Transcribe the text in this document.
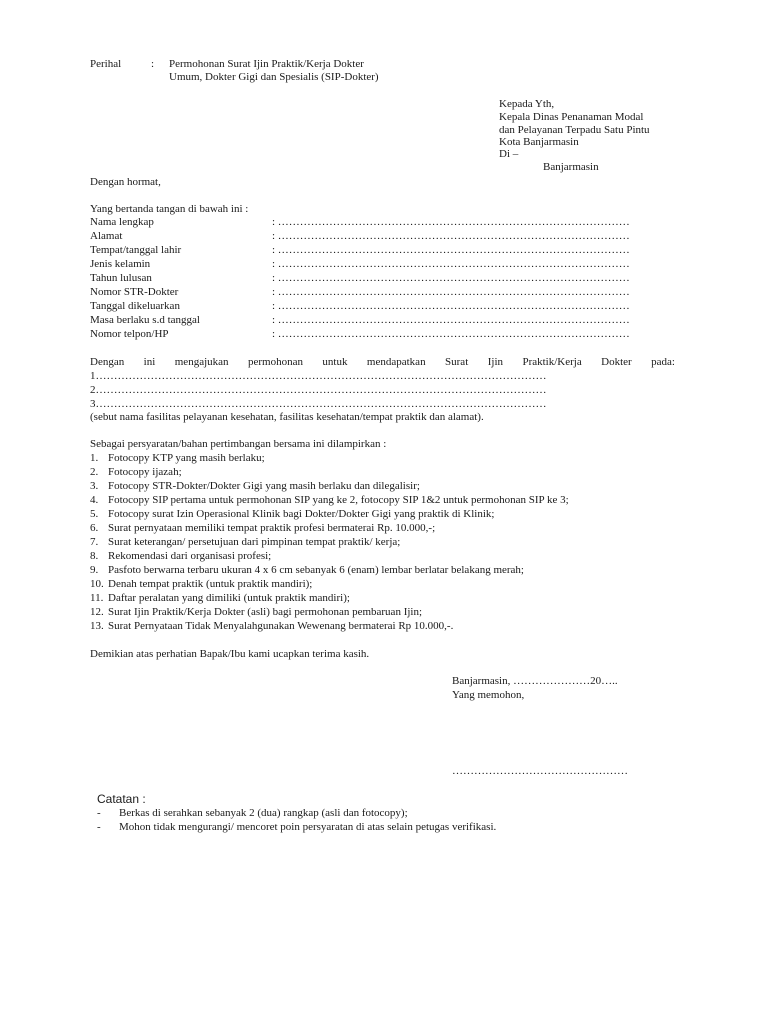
Perihal	: Permohonan Surat Ijin Praktik/Kerja Dokter
Umum, Dokter Gigi dan Spesialis (SIP-Dokter)
Kepada Yth,
Kepala Dinas Penanaman Modal
dan Pelayanan Terpadu Satu Pintu
Kota Banjarmasin
Di –
Banjarmasin
Dengan hormat,
Yang bertanda tangan di bawah ini :
Nama lengkap	: ……………………………………………………………………………………
Alamat	: ……………………………………………………………………………………
Tempat/tanggal lahir	: ……………………………………………………………………………………
Jenis kelamin	: ……………………………………………………………………………………
Tahun lulusan	: ……………………………………………………………………………………
Nomor STR-Dokter	: ……………………………………………………………………………………
Tanggal dikeluarkan	: ……………………………………………………………………………………
Masa berlaku s.d tanggal	: ……………………………………………………………………………………
Nomor telpon/HP	: ……………………………………………………………………………………
Dengan ini mengajukan permohonan untuk mendapatkan Surat Ijin Praktik/Kerja Dokter pada:
1……………………………………………………………………………………………………………
2……………………………………………………………………………………………………………
3……………………………………………………………………………………………………………
(sebut nama fasilitas pelayanan kesehatan, fasilitas kesehatan/tempat praktik dan alamat).
Sebagai persyaratan/bahan pertimbangan bersama ini dilampirkan :
1. Fotocopy KTP yang masih berlaku;
2. Fotocopy ijazah;
3. Fotocopy STR-Dokter/Dokter Gigi yang masih berlaku dan dilegalisir;
4. Fotocopy SIP pertama untuk permohonan SIP yang ke 2, fotocopy SIP 1&2 untuk permohonan SIP ke 3;
5. Fotocopy surat Izin Operasional Klinik bagi Dokter/Dokter Gigi yang praktik di Klinik;
6. Surat pernyataan memiliki tempat praktik profesi bermaterai Rp. 10.000,-;
7. Surat keterangan/ persetujuan dari pimpinan tempat praktik/ kerja;
8. Rekomendasi dari organisasi profesi;
9. Pasfoto berwarna terbaru ukuran 4 x 6 cm sebanyak 6 (enam) lembar berlatar belakang merah;
10. Denah tempat praktik (untuk praktik mandiri);
11. Daftar peralatan yang dimiliki (untuk praktik mandiri);
12. Surat Ijin Praktik/Kerja Dokter (asli) bagi permohonan pembaruan Ijin;
13. Surat Pernyataan Tidak Menyalahgunakan Wewenang bermaterai Rp 10.000,-.
Demikian atas perhatian Bapak/Ibu kami ucapkan terima kasih.
Banjarmasin, …………………20…..
Yang memohon,
…………………………………………
Catatan :
- Berkas di serahkan sebanyak 2 (dua) rangkap (asli dan fotocopy);
- Mohon tidak mengurangi/ mencoret poin persyaratan di atas selain petugas verifikasi.
